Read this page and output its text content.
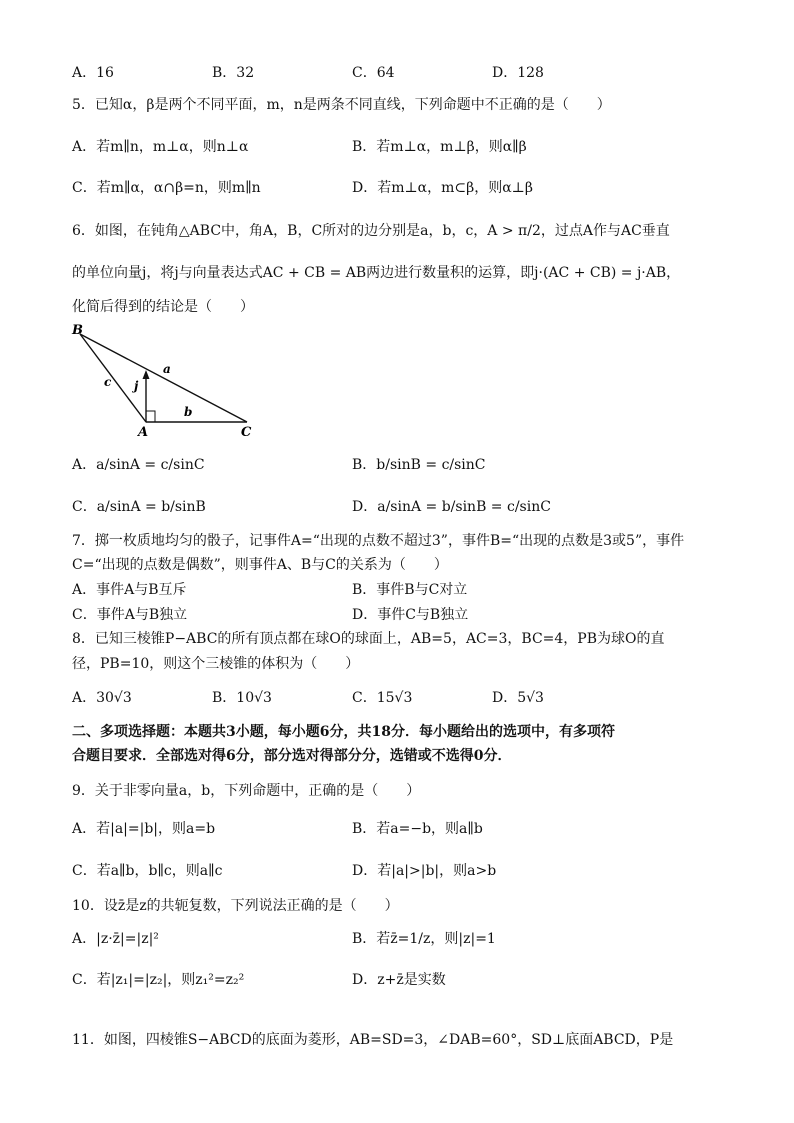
A．16	B．32	C．64	D．128
5．已知α，β是两个不同平面，m，n是两条不同直线，下列命题中不正确的是（　　）
A．若m∥n，m⊥α，则n⊥α	B．若m⊥α，m⊥β，则α∥β
C．若m∥α，α∩β=n，则m∥n	D．若m⊥α，m⊂β，则α⊥β
6．如图，在钝角△ABC中，角A，B，C所对的边分别是a，b，c，A > π/2，过点A作与AC垂直
的单位向量j，将j与向量表达式AC + CB = AB两边进行数量积的运算，即j·(AC + CB) = j·AB，
化简后得到的结论是（　　）
B
A	C
a
b
c j
A．a/sinA = c/sinC	B．b/sinB = c/sinC
C．a/sinA = b/sinB	D．a/sinA = b/sinB = c/sinC
7．掷一枚质地均匀的骰子，记事件A=“出现的点数不超过3”，事件B=“出现的点数是3或5”，事件
C=“出现的点数是偶数”，则事件A、B与C的关系为（　　）
A．事件A与B互斥	B．事件B与C对立
C．事件A与B独立	D．事件C与B独立
8．已知三棱锥P−ABC的所有顶点都在球O的球面上，AB=5，AC=3，BC=4，PB为球O的直
径，PB=10，则这个三棱锥的体积为（　　）
A．30√3	B．10√3	C．15√3	D．5√3
二、多项选择题：本题共3小题，每小题6分，共18分．每小题给出的选项中，有多项符
合题目要求．全部选对得6分，部分选对得部分分，选错或不选得0分．
9．关于非零向量a，b，下列命题中，正确的是（　　）
A．若|a|=|b|，则a=b	B．若a=−b，则a∥b
C．若a∥b，b∥c，则a∥c	D．若|a|>|b|，则a>b
10．设z̄是z的共轭复数，下列说法正确的是（　　）
A．|z·z̄|=|z|²	B．若z̄=1/z，则|z|=1
C．若|z₁|=|z₂|，则z₁²=z₂²	D．z+z̄是实数
11．如图，四棱锥S−ABCD的底面为菱形，AB=SD=3，∠DAB=60°，SD⊥底面ABCD，P是
